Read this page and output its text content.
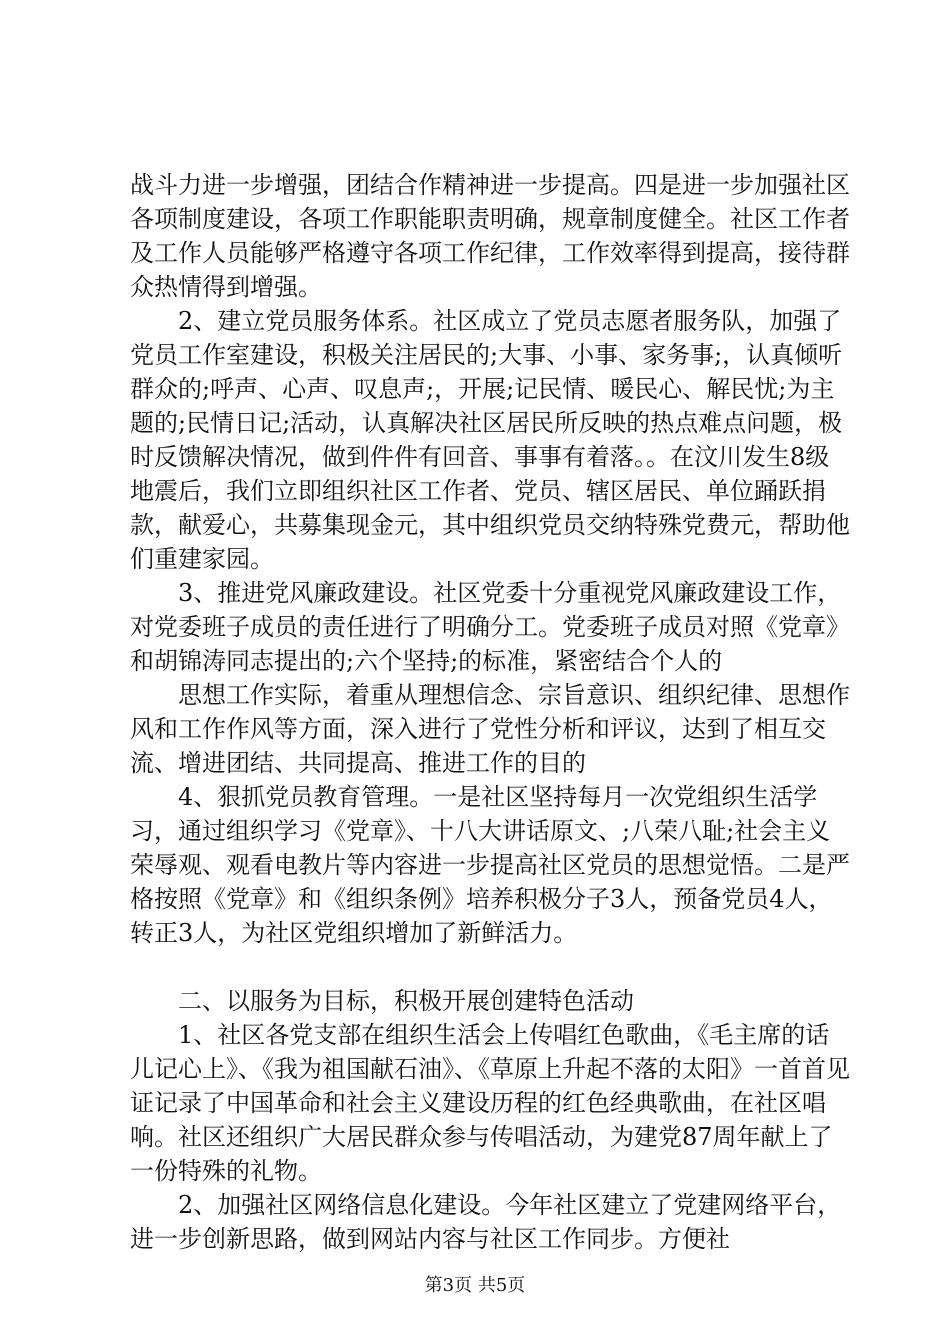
战斗力进一步增强，团结合作精神进一步提高。四是进一步加强社区各项制度建设，各项工作职能职责明确，规章制度健全。社区工作者及工作人员能够严格遵守各项工作纪律，工作效率得到提高，接待群众热情得到增强。

　　2、建立党员服务体系。社区成立了党员志愿者服务队，加强了党员工作室建设，积极关注居民的;大事、小事、家务事;，认真倾听群众的;呼声、心声、叹息声;，开展;记民情、暖民心、解民忧;为主题的;民情日记;活动，认真解决社区居民所反映的热点难点问题，极时反馈解决情况，做到件件有回音、事事有着落。。在汶川发生8级地震后，我们立即组织社区工作者、党员、辖区居民、单位踊跃捐款，献爱心，共募集现金元，其中组织党员交纳特殊党费元，帮助他们重建家园。

　　3、推进党风廉政建设。社区党委十分重视党风廉政建设工作，对党委班子成员的责任进行了明确分工。党委班子成员对照《党章》和胡锦涛同志提出的;六个坚持;的标准，紧密结合个人的

　　思想工作实际，着重从理想信念、宗旨意识、组织纪律、思想作风和工作作风等方面，深入进行了党性分析和评议，达到了相互交流、增进团结、共同提高、推进工作的目的

　　4、狠抓党员教育管理。一是社区坚持每月一次党组织生活学习，通过组织学习《党章》、十八大讲话原文、;八荣八耻;社会主义荣辱观、观看电教片等内容进一步提高社区党员的思想觉悟。二是严格按照《党章》和《组织条例》培养积极分子3人，预备党员4人，转正3人，为社区党组织增加了新鲜活力。

　　二、以服务为目标，积极开展创建特色活动

　　1、社区各党支部在组织生活会上传唱红色歌曲，《毛主席的话儿记心上》、《我为祖国献石油》、《草原上升起不落的太阳》一首首见证记录了中国革命和社会主义建设历程的红色经典歌曲，在社区唱响。社区还组织广大居民群众参与传唱活动，为建党87周年献上了一份特殊的礼物。

　　2、加强社区网络信息化建设。今年社区建立了党建网络平台，进一步创新思路，做到网站内容与社区工作同步。方便社

第3页 共5页
